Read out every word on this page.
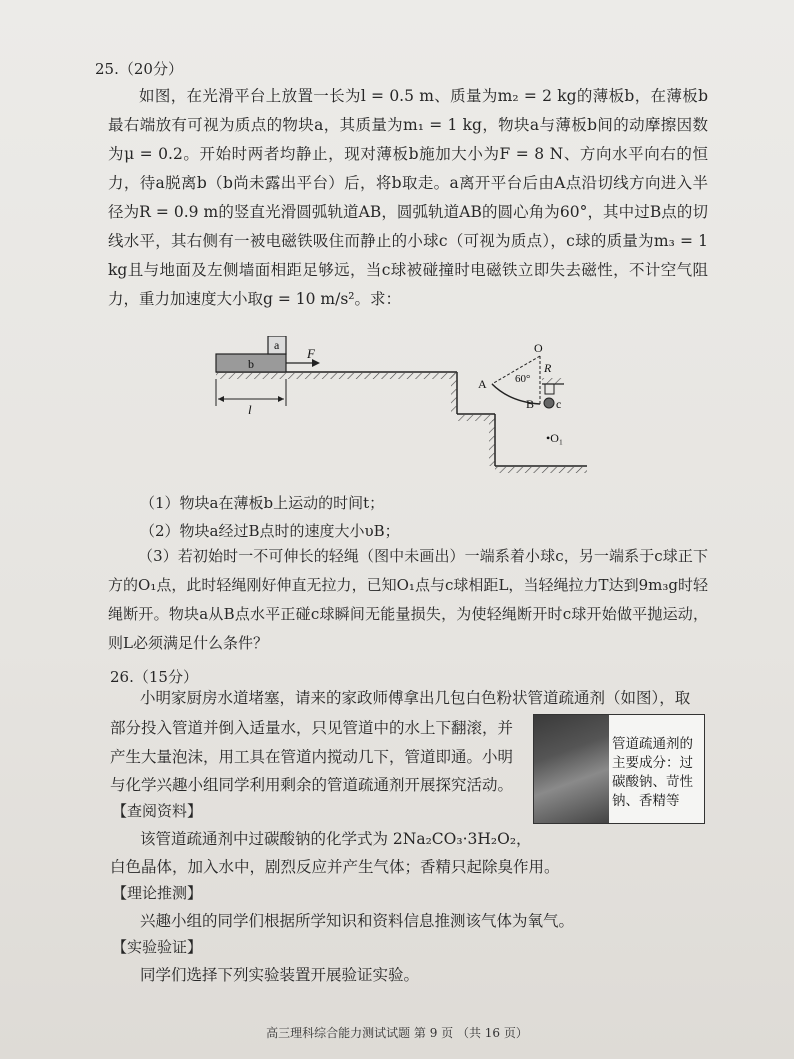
25.（20分）
如图，在光滑平台上放置一长为l = 0.5 m、质量为m₂ = 2 kg的薄板b，在薄板b最右端放有可视为质点的物块a，其质量为m₁ = 1 kg，物块a与薄板b间的动摩擦因数为μ = 0.2。开始时两者均静止，现对薄板b施加大小为F = 8 N、方向水平向右的恒力，待a脱离b（b尚未露出平台）后，将b取走。a离开平台后由A点沿切线方向进入半径为R = 0.9 m的竖直光滑圆弧轨道AB，圆弧轨道AB的圆心角为60°，其中过B点的切线水平，其右侧有一被电磁铁吸住而静止的小球c（可视为质点），c球的质量为m₃ = 1 kg且与地面及左侧墙面相距足够远，当c球被碰撞时电磁铁立即失去磁性，不计空气阻力，重力加速度大小取g = 10 m/s²。求：
b
a
F
l
O
60°
R
A
B c
•O₁
（1）物块a在薄板b上运动的时间t；
（2）物块a经过B点时的速度大小υB；
（3）若初始时一不可伸长的轻绳（图中未画出）一端系着小球c，另一端系于c球正下方的O₁点，此时轻绳刚好伸直无拉力，已知O₁点与c球相距L，当轻绳拉力T达到9m₃g时轻绳断开。物块a从B点水平正碰c球瞬间无能量损失，为使轻绳断开时c球开始做平抛运动，则L必须满足什么条件？
26.（15分）
小明家厨房水道堵塞，请来的家政师傅拿出几包白色粉状管道疏通剂（如图），取
部分投入管道并倒入适量水，只见管道中的水上下翻滚，并
产生大量泡沫，用工具在管道内搅动几下，管道即通。小明
与化学兴趣小组同学利用剩余的管道疏通剂开展探究活动。
管道疏通剂的主要成分：过碳酸钠、苛性钠、香精等
【查阅资料】
该管道疏通剂中过碳酸钠的化学式为 2Na₂CO₃·3H₂O₂，
白色晶体，加入水中，剧烈反应并产生气体；香精只起除臭作用。
【理论推测】
兴趣小组的同学们根据所学知识和资料信息推测该气体为氧气。
【实验验证】
同学们选择下列实验装置开展验证实验。
高三理科综合能力测试试题 第 9 页 （共 16 页）
